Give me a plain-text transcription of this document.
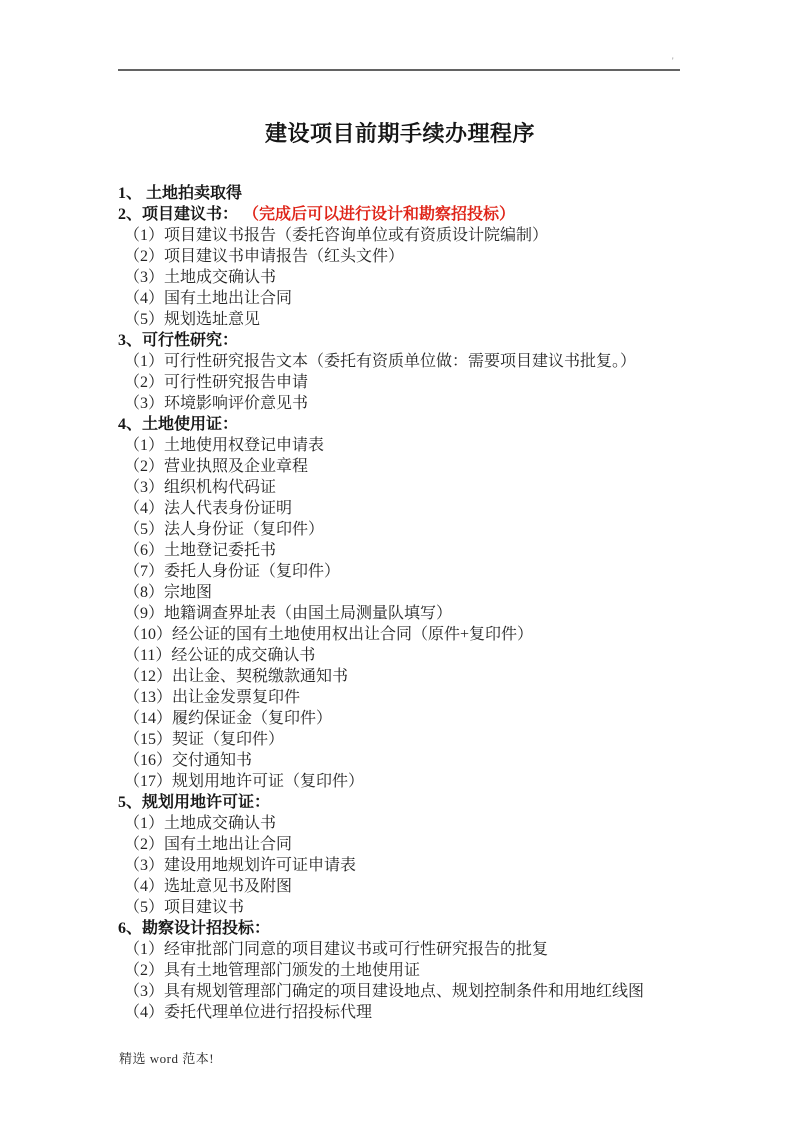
'
建设项目前期手续办理程序

1、 土地拍卖取得

2、项目建议书： （完成后可以进行设计和勘察招投标）

（1）项目建议书报告（委托咨询单位或有资质设计院编制）

（2）项目建议书申请报告（红头文件）

（3）土地成交确认书

（4）国有土地出让合同

（5）规划选址意见

3、可行性研究：

（1）可行性研究报告文本（委托有资质单位做：需要项目建议书批复。）

（2）可行性研究报告申请

（3）环境影响评价意见书

4、土地使用证：

（1）土地使用权登记申请表

（2）营业执照及企业章程

（3）组织机构代码证

（4）法人代表身份证明

（5）法人身份证（复印件）

（6）土地登记委托书

（7）委托人身份证（复印件）

（8）宗地图

（9）地籍调查界址表（由国土局测量队填写）

（10）经公证的国有土地使用权出让合同（原件+复印件）

（11）经公证的成交确认书

（12）出让金、契税缴款通知书

（13）出让金发票复印件

（14）履约保证金（复印件）

（15）契证（复印件）

（16）交付通知书

（17）规划用地许可证（复印件）

5、规划用地许可证：

（1）土地成交确认书

（2）国有土地出让合同

（3）建设用地规划许可证申请表

（4）选址意见书及附图

（5）项目建议书

6、勘察设计招投标：

（1）经审批部门同意的项目建议书或可行性研究报告的批复

（2）具有土地管理部门颁发的土地使用证

（3）具有规划管理部门确定的项目建设地点、规划控制条件和用地红线图

（4）委托代理单位进行招投标代理

精选 word 范本!
